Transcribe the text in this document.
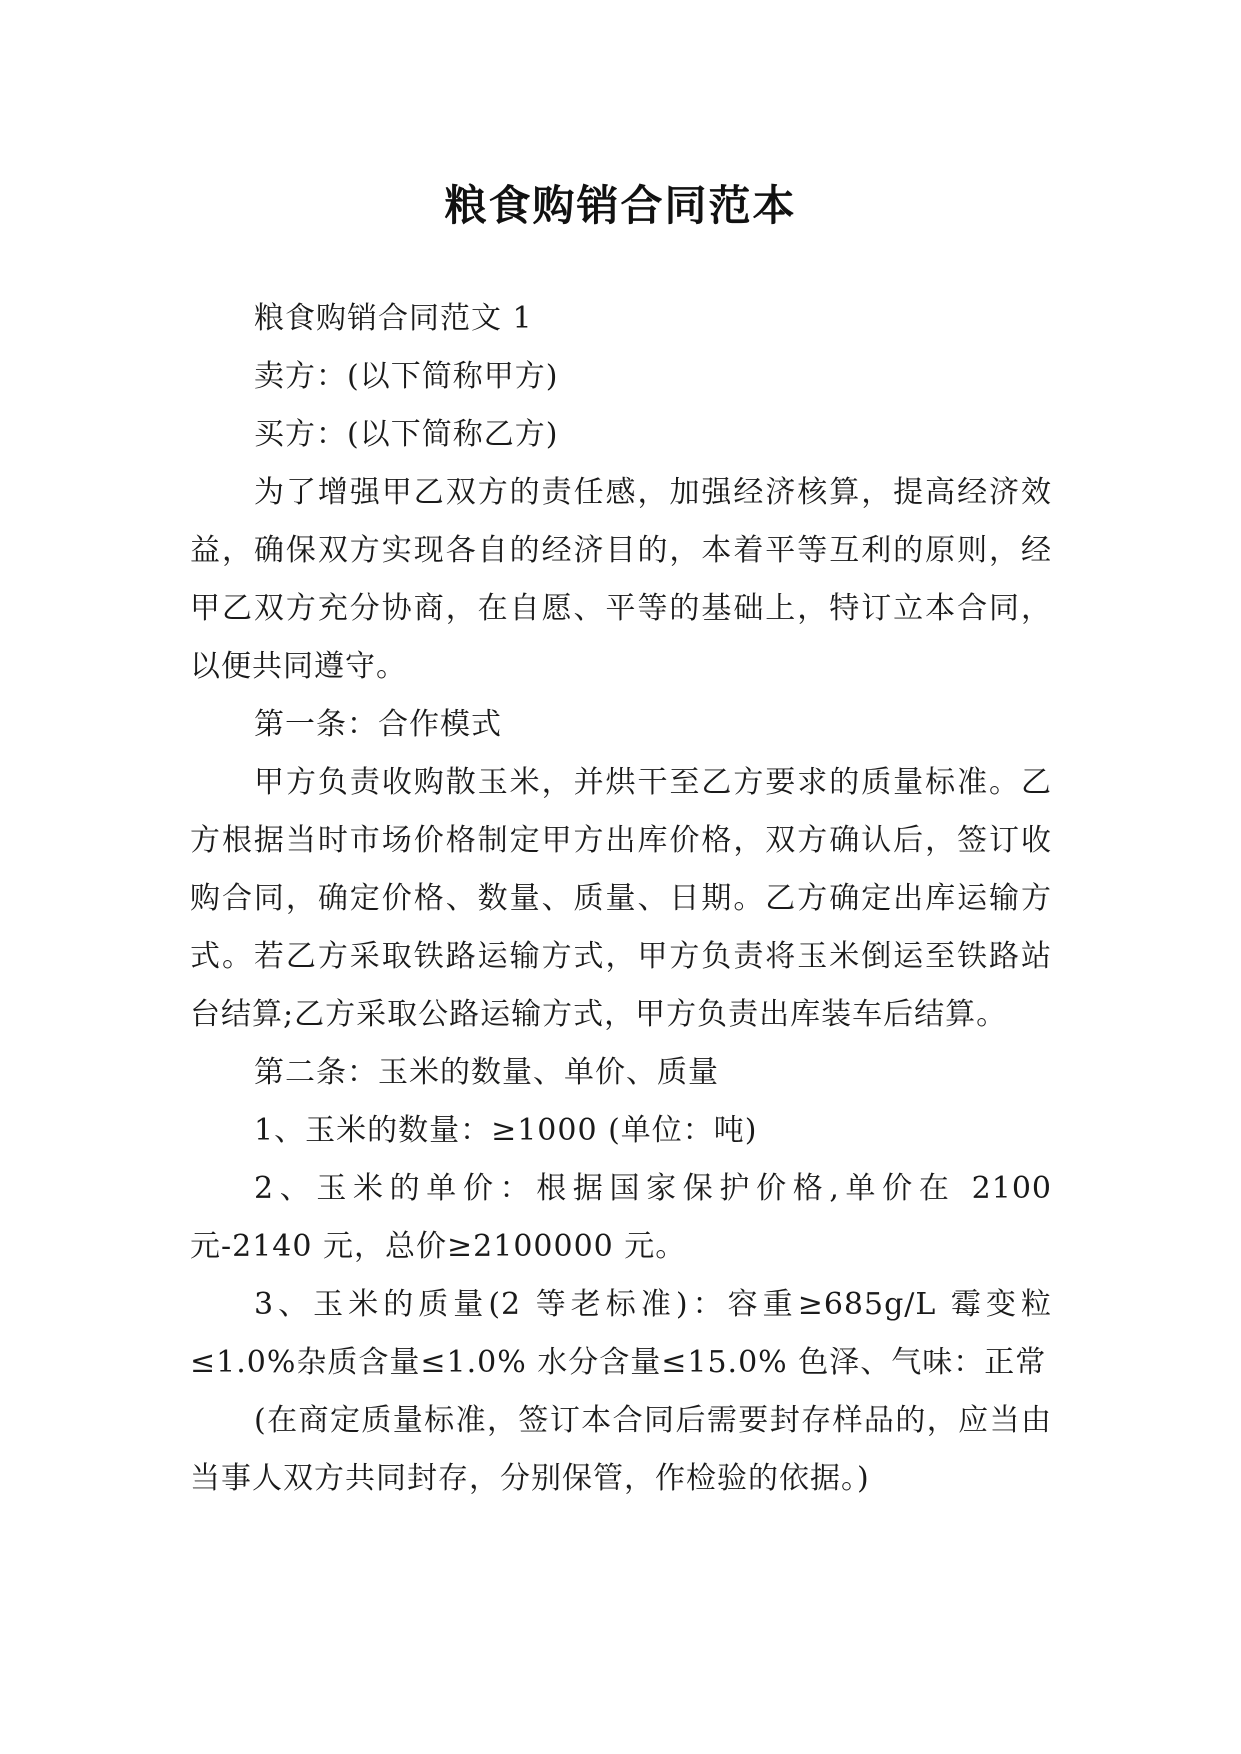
粮食购销合同范本

粮食购销合同范文 1

卖方：(以下简称甲方)

买方：(以下简称乙方)

为了增强甲乙双方的责任感，加强经济核算，提高经济效益，确保双方实现各自的经济目的，本着平等互利的原则，经甲乙双方充分协商，在自愿、平等的基础上，特订立本合同，以便共同遵守。

第一条：合作模式

甲方负责收购散玉米，并烘干至乙方要求的质量标准。乙方根据当时市场价格制定甲方出库价格，双方确认后，签订收购合同，确定价格、数量、质量、日期。乙方确定出库运输方式。若乙方采取铁路运输方式，甲方负责将玉米倒运至铁路站台结算;乙方采取公路运输方式，甲方负责出库装车后结算。

第二条：玉米的数量、单价、质量

1、玉米的数量：≥1000 (单位：吨)

2、玉米的单价：根据国家保护价格,单价在 2100 元-2140 元，总价≥2100000 元。

3、玉米的质量(2 等老标准)：容重≥685g/L 霉变粒≤1.0%杂质含量≤1.0% 水分含量≤15.0% 色泽、气味：正常

(在商定质量标准，签订本合同后需要封存样品的，应当由当事人双方共同封存，分别保管，作检验的依据。)
